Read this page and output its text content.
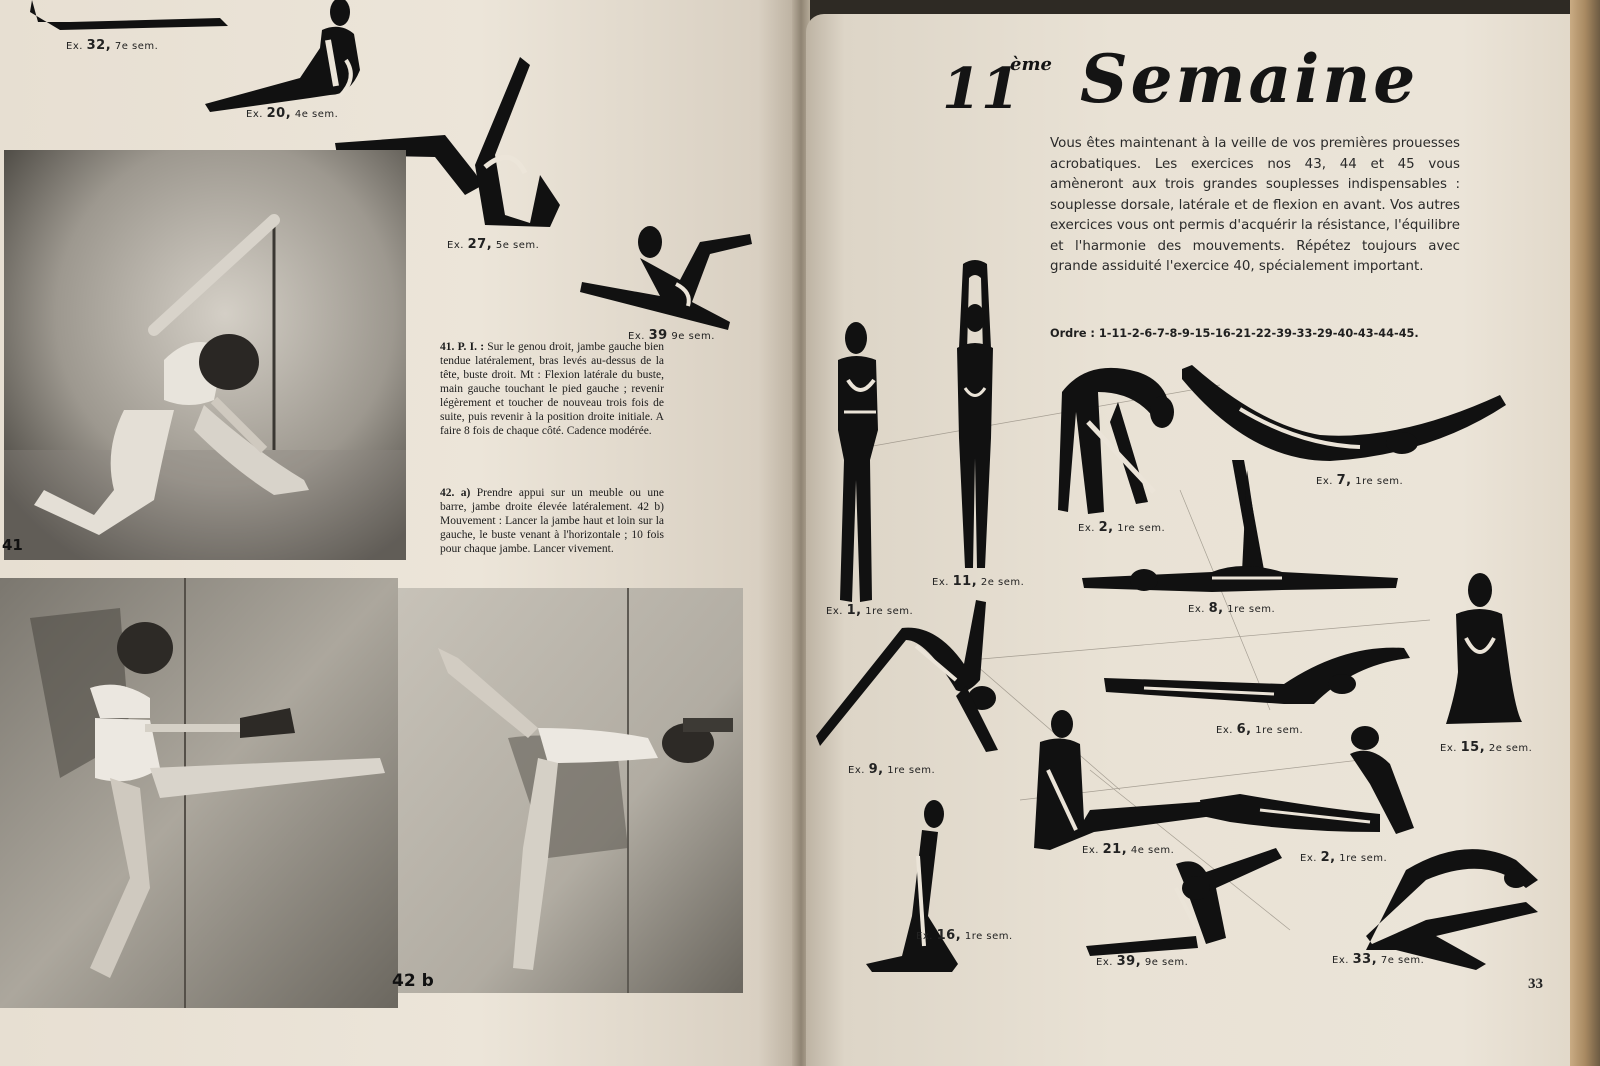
Ex. 32, 7e sem.
Ex. 20, 4e sem.
Ex. 27, 5e sem.
Ex. 39 9e sem.
41
41. P. I. : Sur le genou droit, jambe gauche bien tendue latéralement, bras levés au-dessus de la tête, buste droit. Mt : Flexion latérale du buste, main gauche touchant le pied gauche ; revenir légèrement et toucher de nouveau trois fois de suite, puis revenir à la position droite initiale. A faire 8 fois de chaque côté. Cadence modérée.
42. a) Prendre appui sur un meuble ou une barre, jambe droite élevée latéralement. 42 b) Mouvement : Lancer la jambe haut et loin sur la gauche, le buste venant à l'horizontale ; 10 fois pour chaque jambe. Lancer vivement.
42 b
11
ème Semaine
Vous êtes maintenant à la veille de vos premières prouesses acrobatiques. Les exercices nos 43, 44 et 45 vous amèneront aux trois grandes souplesses indispensables : souplesse dorsale, latérale et de flexion en avant. Vos autres exercices vous ont permis d'acquérir la résistance, l'équilibre et l'harmonie des mouvements. Répétez toujours avec grande assiduité l'exercice 40, spécialement important.
Ordre : 1-11-2-6-7-8-9-15-16-21-22-39-33-29-40-43-44-45.
Ex. 1, 1re sem.
Ex. 11, 2e sem.
Ex. 2, 1re sem.
Ex. 7, 1re sem.
Ex. 8, 1re sem.
Ex. 9, 1re sem.
Ex. 6, 1re sem.
Ex. 15, 2e sem.
Ex. 21, 4e sem.
Ex. 2, 1re sem.
Ex. 16, 1re sem.
Ex. 39, 9e sem.	Ex. 33, 7e sem.
33
